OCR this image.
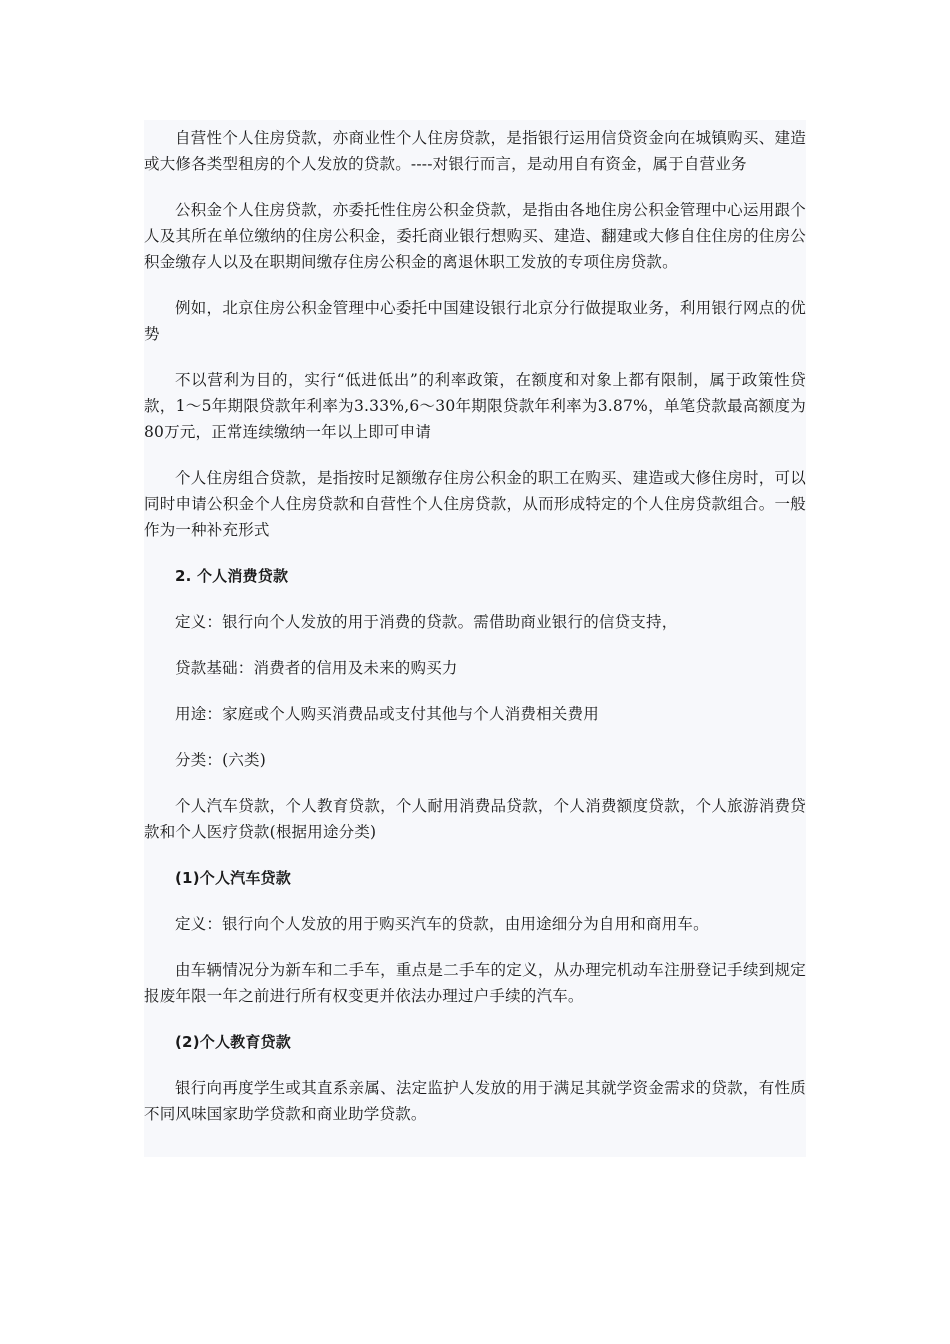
自营性个人住房贷款，亦商业性个人住房贷款，是指银行运用信贷资金向在城镇购买、建造或大修各类型租房的个人发放的贷款。----对银行而言，是动用自有资金，属于自营业务

公积金个人住房贷款，亦委托性住房公积金贷款，是指由各地住房公积金管理中心运用跟个人及其所在单位缴纳的住房公积金，委托商业银行想购买、建造、翻建或大修自住住房的住房公积金缴存人以及在职期间缴存住房公积金的离退休职工发放的专项住房贷款。

例如，北京住房公积金管理中心委托中国建设银行北京分行做提取业务，利用银行网点的优势

不以营利为目的，实行“低进低出”的利率政策，在额度和对象上都有限制，属于政策性贷款，1～5年期限贷款年利率为3.33%,6～30年期限贷款年利率为3.87%，单笔贷款最高额度为80万元，正常连续缴纳一年以上即可申请

个人住房组合贷款，是指按时足额缴存住房公积金的职工在购买、建造或大修住房时，可以同时申请公积金个人住房贷款和自营性个人住房贷款，从而形成特定的个人住房贷款组合。一般作为一种补充形式

2. 个人消费贷款

定义：银行向个人发放的用于消费的贷款。需借助商业银行的信贷支持，

贷款基础：消费者的信用及未来的购买力

用途：家庭或个人购买消费品或支付其他与个人消费相关费用

分类：(六类)

个人汽车贷款，个人教育贷款，个人耐用消费品贷款，个人消费额度贷款，个人旅游消费贷款和个人医疗贷款(根据用途分类)

(1)个人汽车贷款

定义：银行向个人发放的用于购买汽车的贷款，由用途细分为自用和商用车。

由车辆情况分为新车和二手车，重点是二手车的定义，从办理完机动车注册登记手续到规定报废年限一年之前进行所有权变更并依法办理过户手续的汽车。

(2)个人教育贷款

银行向再度学生或其直系亲属、法定监护人发放的用于满足其就学资金需求的贷款，有性质不同风味国家助学贷款和商业助学贷款。
